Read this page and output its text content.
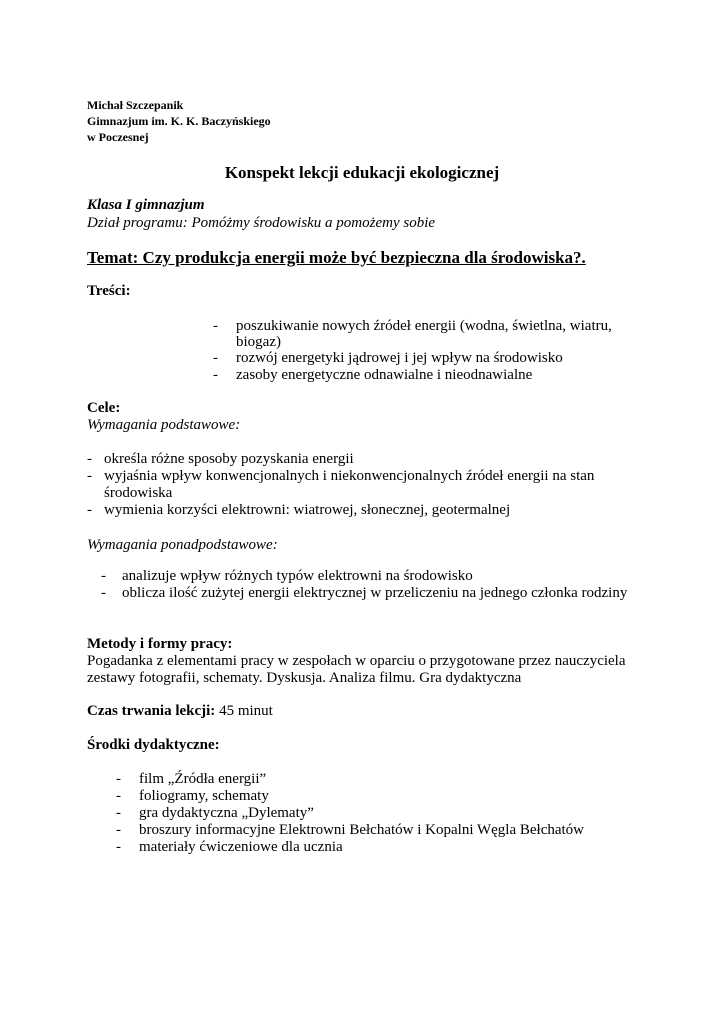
Michał Szczepanik
Gimnazjum im. K. K. Baczyńskiego
w Poczesnej
Konspekt lekcji edukacji ekologicznej
Klasa I gimnazjum
Dział programu: Pomóżmy środowisku a pomożemy sobie
Temat: Czy produkcja energii może być bezpieczna dla środowiska?.
Treści:
- poszukiwanie nowych źródeł energii (wodna, świetlna, wiatru,
biogaz)
- rozwój energetyki jądrowej i jej wpływ na środowisko
- zasoby energetyczne odnawialne i nieodnawialne
Cele:
Wymagania podstawowe:
- określa różne sposoby pozyskania energii
- wyjaśnia wpływ konwencjonalnych i niekonwencjonalnych źródeł energii na stan
środowiska
- wymienia korzyści elektrowni: wiatrowej, słonecznej, geotermalnej
Wymagania ponadpodstawowe:
- analizuje wpływ różnych typów elektrowni na środowisko
- oblicza ilość zużytej energii elektrycznej w przeliczeniu na jednego członka rodziny
Metody i formy pracy:
Pogadanka z elementami pracy w zespołach w oparciu o przygotowane przez nauczyciela
zestawy fotografii, schematy. Dyskusja. Analiza filmu. Gra dydaktyczna
Czas trwania lekcji: 45 minut
Środki dydaktyczne:
- film „Źródła energii”
- foliogramy, schematy
- gra dydaktyczna „Dylematy”
- broszury informacyjne Elektrowni Bełchatów i Kopalni Węgla Bełchatów
- materiały ćwiczeniowe dla ucznia
